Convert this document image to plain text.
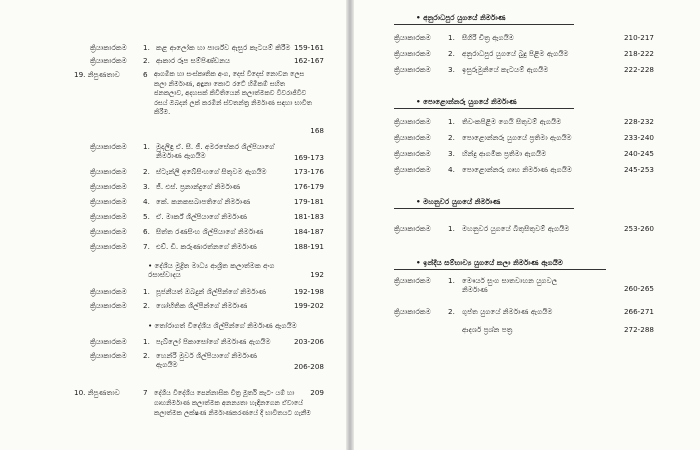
ක්‍රියාකාරකම 1. කළ ආලෝක හා පාර්ශ්ව ඇසුර කැටයම් කිරීම 159-161
ක්‍රියාකාරකම 2. ආකාර රූප සම්පිණ්ඩනය	162-167
19. නිපුණතාව	6 ආගමික හා සංස්කෘතික අංග, දෙස් විදෙස් නොවන ලෙස කලා නිර්මාණ, අඳුනා කොට රටේ හිමිකම් සහිත ජනකලාව, අදහසක් කිවිතියෙන් කලාත්මකව විවරාජිවීව රසය් ඔබදන් ලක් කරමින් ස්වතන්ත්‍ර නිර්මාණ සඳහා භාවිත කිරීම.
168
ක්‍රියාකාරකම 1. මුදලිඳු ඒ. සී. ජී. අමරසේකර ශිල්පියාගේ නිර්මාණ ඇගයීම	169-173
ක්‍රියාකාරකම 2. ස්ටැන්ලි අබේසිංහගේ සිතුවම ඇගයීම	173-176
ක්‍රියාකාරකම 3. ජී. එස්. ප්‍රනාන්දුගේ නිර්මාණ	176-179
ක්‍රියාකාරකම 4. කේ. කනකසබාපතිගේ නිර්මාණ	179-181
ක්‍රියාකාරකම 5. ඒ. මාර්ක් ශිල්පියාගේ නිර්මාණ	181-183
ක්‍රියාකාරකම 6. සිත්ත රණසිංහ ශිල්පියාගේ නිර්මාණ	184-187
ක්‍රියාකාරකම 7. එච්. ඩී. කරුණාරත්නගේ නිර්මාණ	188-191
• දේශීය මුද්‍රිත මාධ්‍ය ආශ්‍රිත කලාත්මක අංග රසාස්වාදය	192
ක්‍රියාකාරකම 1. පූජනීයත් ඔබදුන් ශිල්පීන්ගේ නිර්මාණ	192-198
ක්‍රියාකාරකම 2. ශෝභිතික ශිල්පීන්ගේ නිර්මාණ	199-202
• තෝරාගත් විදේශීය ශිල්පීන්ගේ නිර්මාණ ඇගයීම
ක්‍රියාකාරකම 1. පැබ්ලෝ පිකාසෝගේ නිර්මාණ ඇගයීම	203-206
ක්‍රියාකාරකම 2. හෙන්රි මුවර් ශිල්පියාගේ නිර්මාණ ඇගයීම	206-208
10. නිපුණතාව	7 දේශීය විදේශීය පෙන්නාසික චිත්‍ර මූර්ති කැට- යම් හා ගෘහනිර්මාණ කලාත්මක අනන්‍යතා හැඳිනගෙන ඒවායේ කලාත්මක ලක්ෂණ නිර්මාණකරණයේ දී භාවිතයට ගැනීම
209
• අනුරාධපුර යුගයේ නිර්මාණ
ක්‍රියාකාරකම 1. සීගිරි චිත්‍ර ඇගයීම	210-217
ක්‍රියාකාරකම 2. අනුරාධපුර යුගයේ බුදු පිළිම ඇගයීම	218-222
ක්‍රියාකාරකම 3. ඉසුරුමුනියේ කැටයම් ඇගයීම	222-228
• පොළොන්නරු යුගයේ නිර්මාණ
ක්‍රියාකාරකම 1. තිවංකපිළිම ගෙයි සිතුවම් ඇගයීම	228-232
ක්‍රියාකාරකම 2. පොළොන්නරු යුගයේ ප්‍රතිමා ඇගයීම	233-240
ක්‍රියාකාරකම 3. හින්දු ආගමික ප්‍රතිමා ඇගයීම	240-245
ක්‍රියාකාරකම 4. පොළොන්නරු ගෘහ නිර්මාණ ඇගයීම	245-253
• මහනුවර යුගයේ නිර්මාණ
ක්‍රියාකාරකම 1. මහනුවර යුගයේ බිතුසිතුවම් ඇගයීම	253-260
• ඉන්දීය සම්භාව්‍ය යුගයේ කලා නිර්මාණ ඇගයීම
ක්‍රියාකාරකම 1. මෞර්ය සුංග සාතවාහන යුගවල නිර්මාණ	260-265
ක්‍රියාකාරකම 2. ගුප්ත යුගයේ නිර්මාණ ඇගයීම	266-271
ආදර්ශ ප්‍රශ්න පත්‍ර	272-288
